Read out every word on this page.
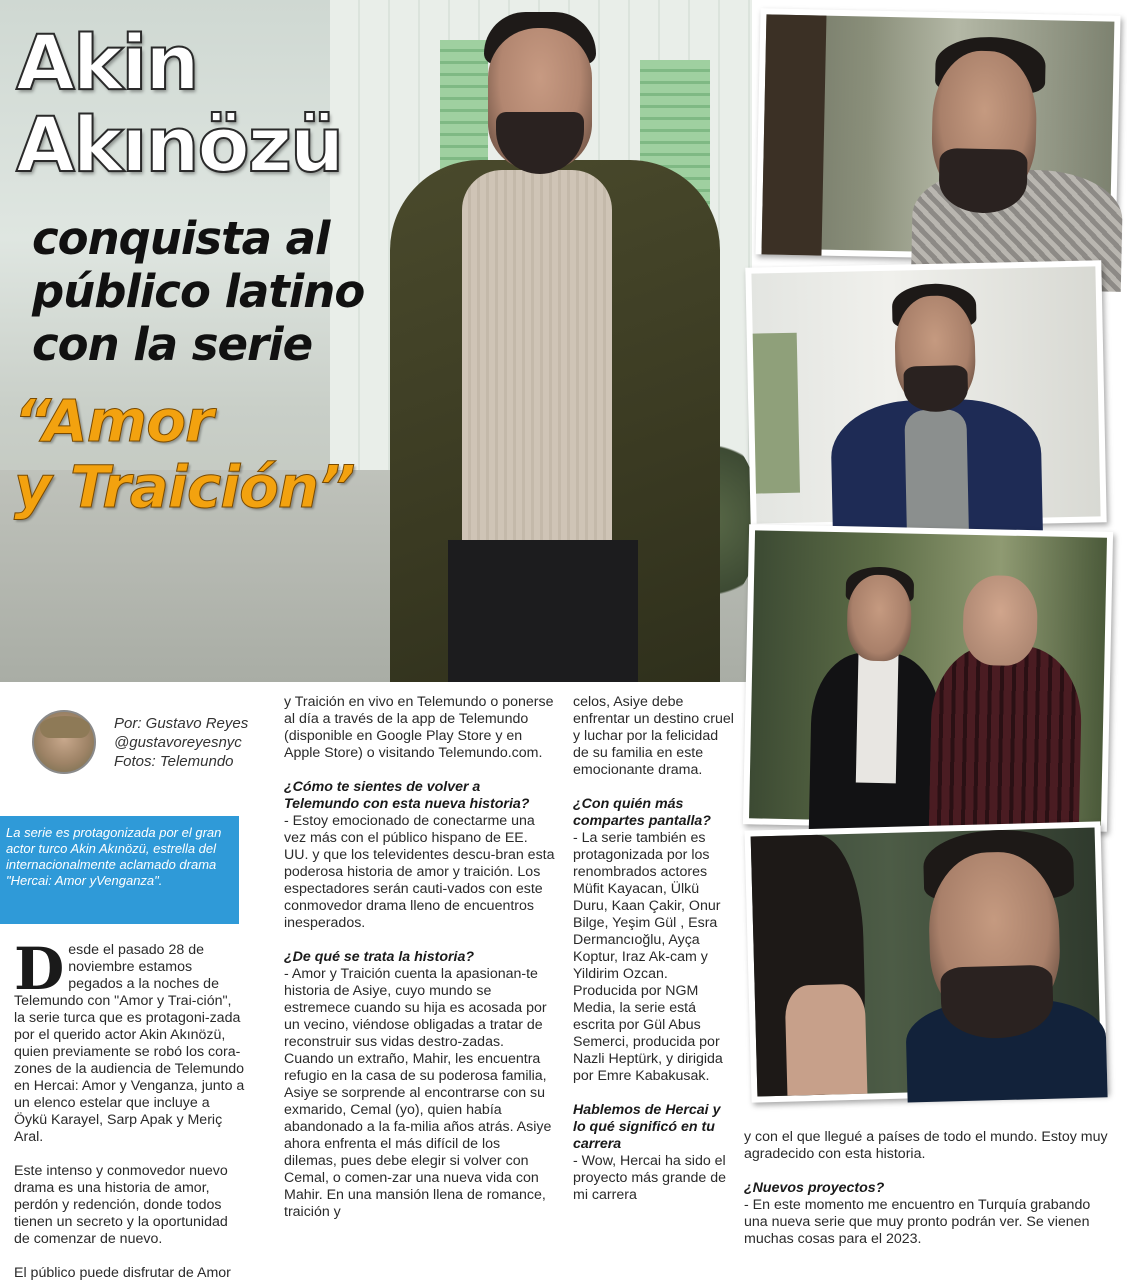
Akin
Akınözü
conquista al
público latino
con la serie
“Amor
y Traición”
Por: Gustavo Reyes
@gustavoreyesnyc
Fotos: Telemundo

La serie es protagonizada por el gran actor turco Akin Akınözü, estrella del internacionalmente aclamado drama "Hercai: Amor yVenganza".

Desde el pasado 28 de noviembre estamos pegados a la noches de Telemundo con "Amor y Trai-ción", la serie turca que es protagoni-zada por el querido actor Akin Akınözü, quien previamente se robó los cora-zones de la audiencia de Telemundo en Hercai: Amor y Venganza, junto a un elenco estelar que incluye a Öykü Karayel, Sarp Apak y Meriç Aral.

Este intenso y conmovedor nuevo drama es una historia de amor, perdón y redención, donde todos tienen un secreto y la oportunidad de comenzar de nuevo.

El público puede disfrutar de Amor

y Traición en vivo en Telemundo o ponerse al día a través de la app de Telemundo (disponible en Google Play Store y en Apple Store) o visitando Telemundo.com.

¿Cómo te sientes de volver a Telemundo con esta nueva historia?

- Estoy emocionado de conectarme una vez más con el público hispano de EE. UU. y que los televidentes descu-bran esta poderosa historia de amor y traición. Los espectadores serán cauti-vados con este conmovedor drama lleno de encuentros inesperados.

¿De qué se trata la historia?

- Amor y Traición cuenta la apasionan-te historia de Asiye, cuyo mundo se estremece cuando su hija es acosada por un vecino, viéndose obligadas a tratar de reconstruir sus vidas destro-zadas. Cuando un extraño, Mahir, les encuentra refugio en la casa de su poderosa familia, Asiye se sorprende al encontrarse con su exmarido, Cemal (yo), quien había abandonado a la fa-milia años atrás. Asiye ahora enfrenta el más difícil de los dilemas, pues debe elegir si volver con Cemal, o comen-zar una nueva vida con Mahir. En una mansión llena de romance, traición y

celos, Asiye debe enfrentar un destino cruel y luchar por la felicidad de su familia en este emocionante drama.

¿Con quién más compartes pantalla?

- La serie también es protagonizada por los renombrados actores Müfit Kayacan, Ülkü Duru, Kaan Çakir, Onur Bilge, Yeşim Gül , Esra Dermancıoğlu, Ayça Koptur, Iraz Ak-cam y Yildirim Ozcan. Producida por NGM Media, la serie está escrita por Gül Abus Semerci, producida por Nazli Heptürk, y dirigida por Emre Kabakusak.

Hablemos de Hercai y lo qué significó en tu carrera

- Wow, Hercai ha sido el proyecto más grande de mi carrera

y con el que llegué a países de todo el mundo. Estoy muy agradecido con esta historia.

¿Nuevos proyectos?

- En este momento me encuentro en Turquía grabando una nueva serie que muy pronto podrán ver. Se vienen muchas cosas para el 2023.
